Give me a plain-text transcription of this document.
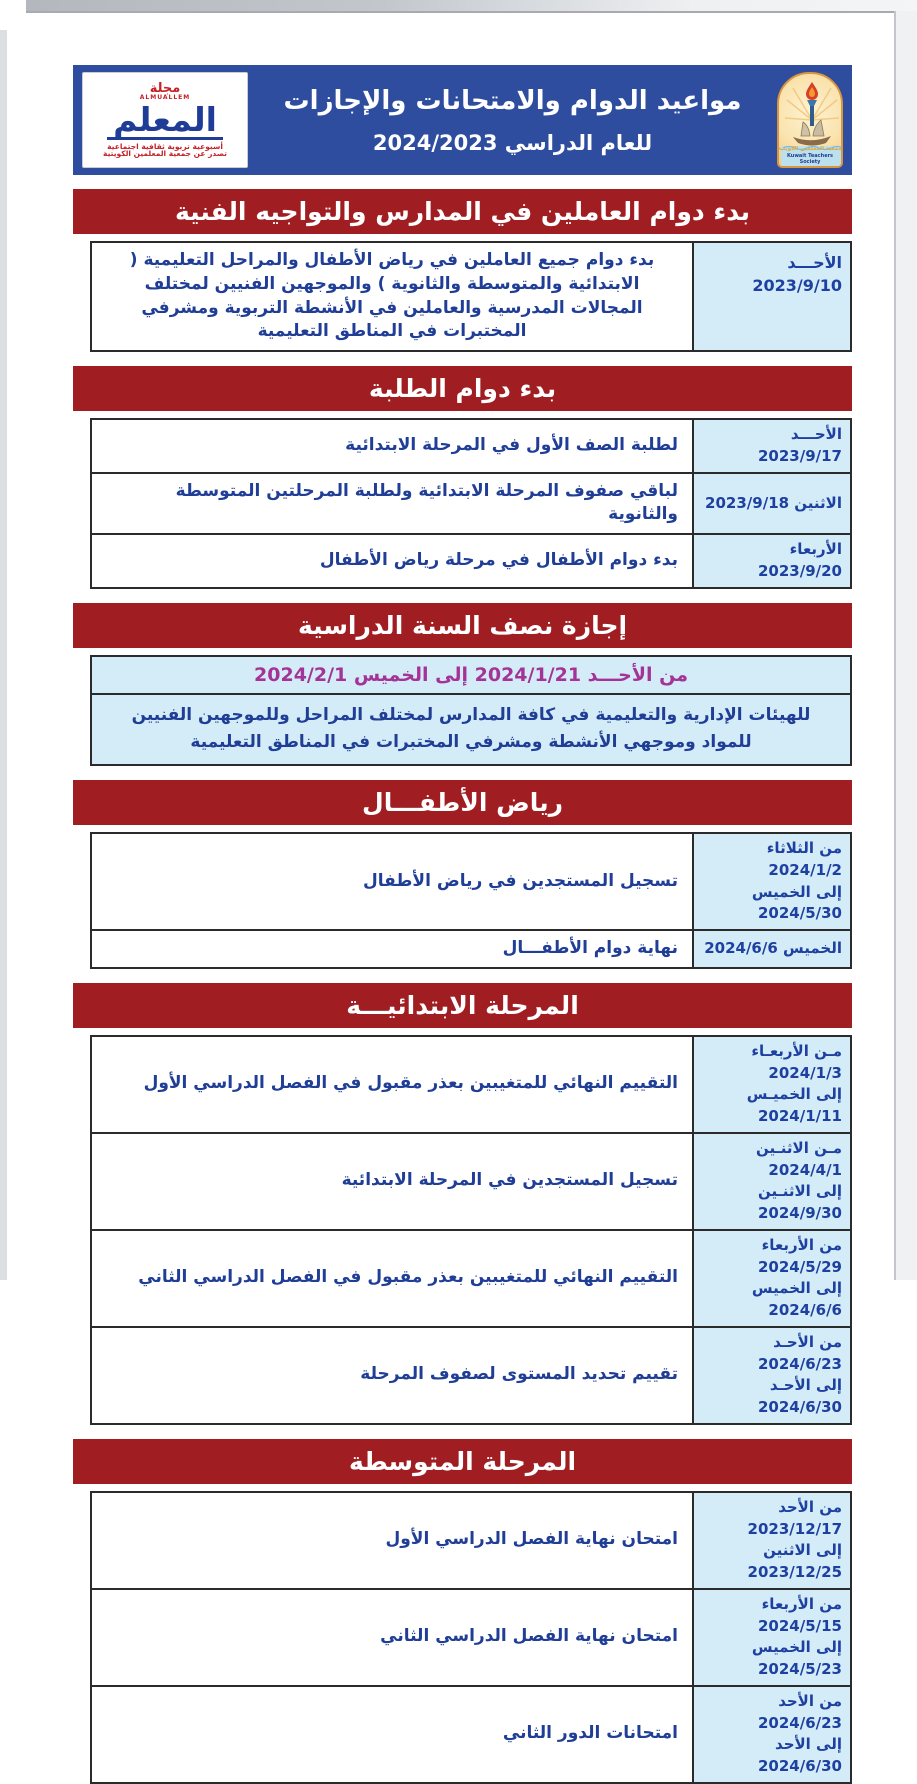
مجلة
ALMUALLEM
المعلم
أسبوعية تربوية ثقافية اجتماعية
تصدر عن جمعية المعلمين الكويتية
مواعيد الدوام والامتحانات والإجازات
للعام الدراسي 2024/2023	جمعية المعلمين الكويتية
Kuwait Teachers Society
بدء دوام العاملين في المدارس والتواجيه الفنية
الأحـــد 2023/9/10
بدء دوام جميع العاملين في رياض الأطفال والمراحل التعليمية ( الابتدائية والمتوسطة والثانوية ) والموجهين الفنيين لمختلف المجالات المدرسية والعاملين في الأنشطة التربوية ومشرفي المختبرات في المناطق التعليمية
بدء دوام الطلبة
الأحـــد 2023/9/17
لطلبة الصف الأول في المرحلة الابتدائية
الاثنين 2023/9/18
لباقي صفوف المرحلة الابتدائية ولطلبة المرحلتين المتوسطة والثانوية
الأربعاء 2023/9/20
بدء دوام الأطفال في مرحلة رياض الأطفال
إجازة نصف السنة الدراسية
من الأحـــد 2024/1/21 إلى الخميس 2024/2/1
للهيئات الإدارية والتعليمية في كافة المدارس لمختلف المراحل وللموجهين الفنيين للمواد وموجهي الأنشطة ومشرفي المختبرات في المناطق التعليمية
رياض الأطفـــال
من الثلاثاء 2024/1/2
إلى الخميس 2024/5/30
تسجيل المستجدين في رياض الأطفال
الخميس 2024/6/6
نهاية دوام الأطفـــال
المرحلة الابتدائيـــة
مـن الأربعـاء 2024/1/3
إلى الخميـس 2024/1/11
التقييم النهائي للمتغيبين بعذر مقبول في الفصل الدراسي الأول
مـن الاثنـين 2024/4/1
إلى الاثنـين 2024/9/30
تسجيل المستجدين في المرحلة الابتدائية
من الأربعاء 2024/5/29
إلى الخميس 2024/6/6
التقييم النهائي للمتغيبين بعذر مقبول في الفصل الدراسي الثاني
من الأحـد 2024/6/23
إلى الأحـد 2024/6/30
تقييم تحديد المستوى لصفوف المرحلة
المرحلة المتوسطة
من الأحد 2023/12/17
إلى الاثنين 2023/12/25
امتحان نهاية الفصل الدراسي الأول
من الأربعاء 2024/5/15
إلى الخميس 2024/5/23
امتحان نهاية الفصل الدراسي الثاني
من الأحد 2024/6/23
إلى الأحد 2024/6/30
امتحانات الدور الثاني
